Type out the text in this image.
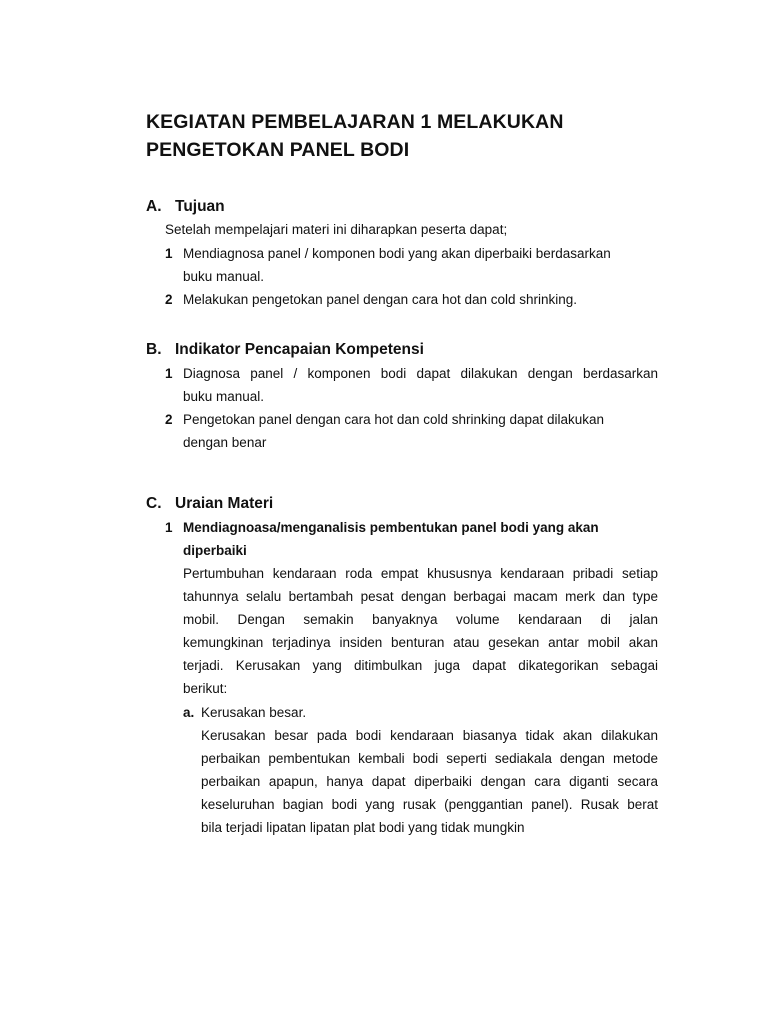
KEGIATAN PEMBELAJARAN 1 MELAKUKAN
PENGETOKAN PANEL BODI
A. Tujuan
Setelah mempelajari materi ini diharapkan peserta dapat;
1 Mendiagnosa panel / komponen bodi yang akan diperbaiki berdasarkan
buku manual.
2 Melakukan pengetokan panel dengan cara hot dan cold shrinking.
B. Indikator Pencapaian Kompetensi
1 Diagnosa panel / komponen bodi dapat dilakukan dengan berdasarkan
buku manual.
2 Pengetokan panel dengan cara hot dan cold shrinking dapat dilakukan
dengan benar
C. Uraian Materi
1 Mendiagnoasa/menganalisis pembentukan panel bodi yang akan
diperbaiki
Pertumbuhan kendaraan roda empat khususnya kendaraan pribadi setiap
tahunnya selalu bertambah pesat dengan berbagai macam merk dan type
mobil. Dengan semakin banyaknya volume kendaraan di jalan
kemungkinan terjadinya insiden benturan atau gesekan antar mobil akan
terjadi. Kerusakan yang ditimbulkan juga dapat dikategorikan sebagai
berikut:
a. Kerusakan besar.
Kerusakan besar pada bodi kendaraan biasanya tidak akan dilakukan
perbaikan pembentukan kembali bodi seperti sediakala dengan metode
perbaikan apapun, hanya dapat diperbaiki dengan cara diganti secara
keseluruhan bagian bodi yang rusak (penggantian panel). Rusak berat
bila terjadi lipatan lipatan plat bodi yang tidak mungkin
